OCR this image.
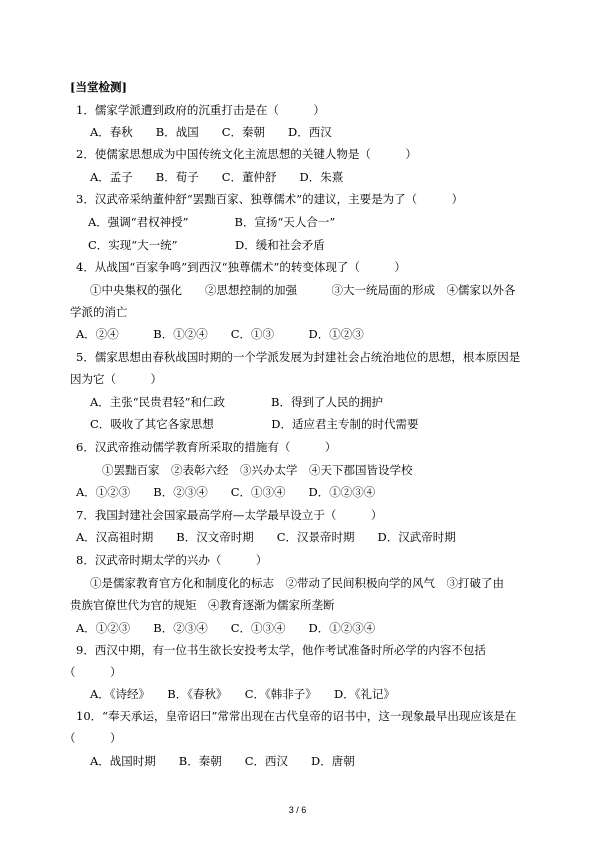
[当堂检测]
1．儒家学派遭到政府的沉重打击是在（　　　）
A．春秋　　B．战国　　C．秦朝　　D．西汉
2．使儒家思想成为中国传统文化主流思想的关键人物是（　　　）
A．孟子　　B．荀子　　C．董仲舒　　D．朱熹
3．汉武帝采纳董仲舒“罢黜百家、独尊儒术”的建议，主要是为了（　　　）
A．强调“君权神授”　　　　B．宣扬“天人合一”
C．实现“大一统”　　　　　D．缓和社会矛盾
4．从战国“百家争鸣”到西汉“独尊儒术”的转变体现了（　　　）
①中央集权的强化　　②思想控制的加强　　　③大一统局面的形成　④儒家以外各
学派的消亡
A．②④　　　B．①②④　　C．①③　　　D．①②③
5．儒家思想由春秋战国时期的一个学派发展为封建社会占统治地位的思想，根本原因是
因为它（　　　）
A．主张“民贵君轻”和仁政　　　　B．得到了人民的拥护
C．吸收了其它各家思想　　　　　D．适应君主专制的时代需要
6．汉武帝推动儒学教育所采取的措施有（　　　）
①罢黜百家　②表彰六经　③兴办太学　④天下郡国皆设学校
A．①②③　　B．②③④　　C．①③④　　D．①②③④
7．我国封建社会国家最高学府—太学最早设立于（　　　）
A．汉高祖时期　　B．汉文帝时期　　C．汉景帝时期　　D．汉武帝时期
8．汉武帝时期太学的兴办（　　　）
①是儒家教育官方化和制度化的标志　②带动了民间积极向学的风气　③打破了由
贵族官僚世代为官的规矩　④教育逐渐为儒家所垄断
A．①②③　　B．②③④　　C．①③④　　D．①②③④
9．西汉中期，有一位书生欲长安投考太学，他作考试准备时所必学的内容不包括
（　　　）
A．《诗经》　　B．《春秋》　　C．《韩非子》　　D．《礼记》
10．“奉天承运，皇帝诏曰”常常出现在古代皇帝的诏书中，这一现象最早出现应该是在
（　　　）
A．战国时期　　B．秦朝　　C．西汉　　D．唐朝
3 / 6
